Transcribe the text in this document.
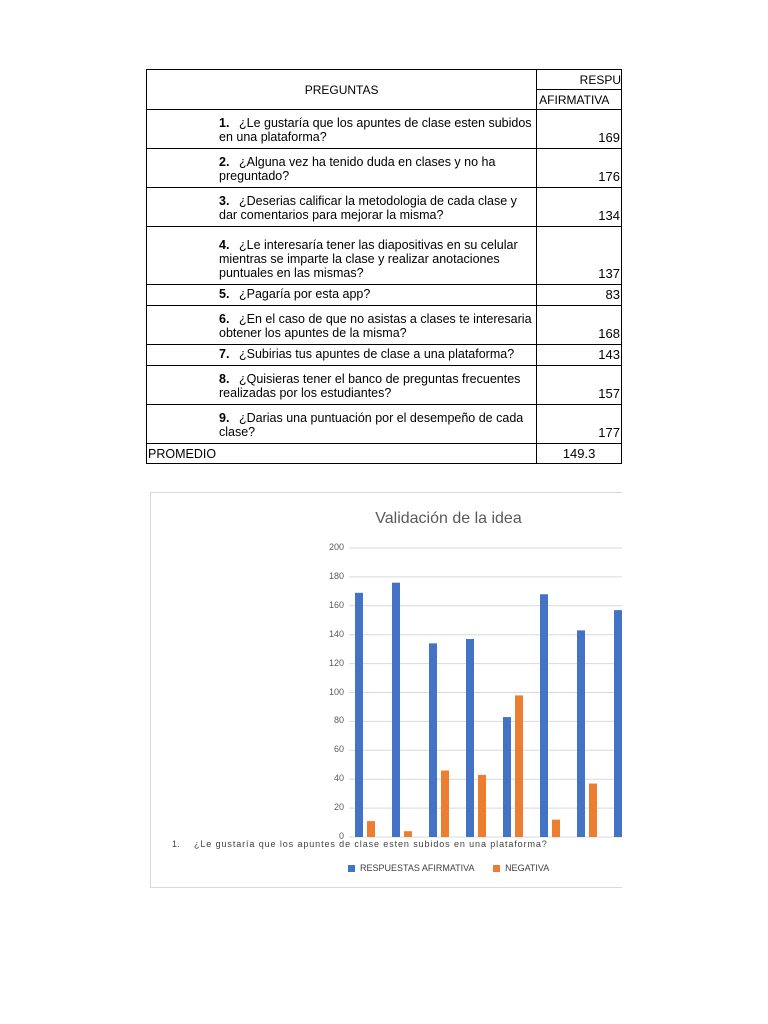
PREGUNTAS	RESPU
	AFIRMATIVA
1. ¿Le gustaría que los apuntes de clase esten subidos en una plataforma?	169
2. ¿Alguna vez ha tenido duda en clases y no ha preguntado?	176
3. ¿Deserias calificar la metodologia de cada clase y dar comentarios para mejorar la misma?	134
4. ¿Le interesaría tener las diapositivas en su celular mientras se imparte la clase y realizar anotaciones puntuales en las mismas?	137
5. ¿Pagaría por esta app?	83
6. ¿En el caso de que no asistas a clases te interesaria obtener los apuntes de la misma?	168
7. ¿Subirias tus apuntes de clase a una plataforma?	143
8. ¿Quisieras tener el banco de preguntas frecuentes realizadas por los estudiantes?	157
9. ¿Darias una puntuación por el desempeño de cada clase?	177
PROMEDIO	149.3
Validación de la idea
0
20
40
60
80
100
120
140
160
180
200
1. ¿Le gustaría que los apuntes de clase esten subidos en una plataforma?
RESPUESTAS AFIRMATIVA	NEGATIVA
